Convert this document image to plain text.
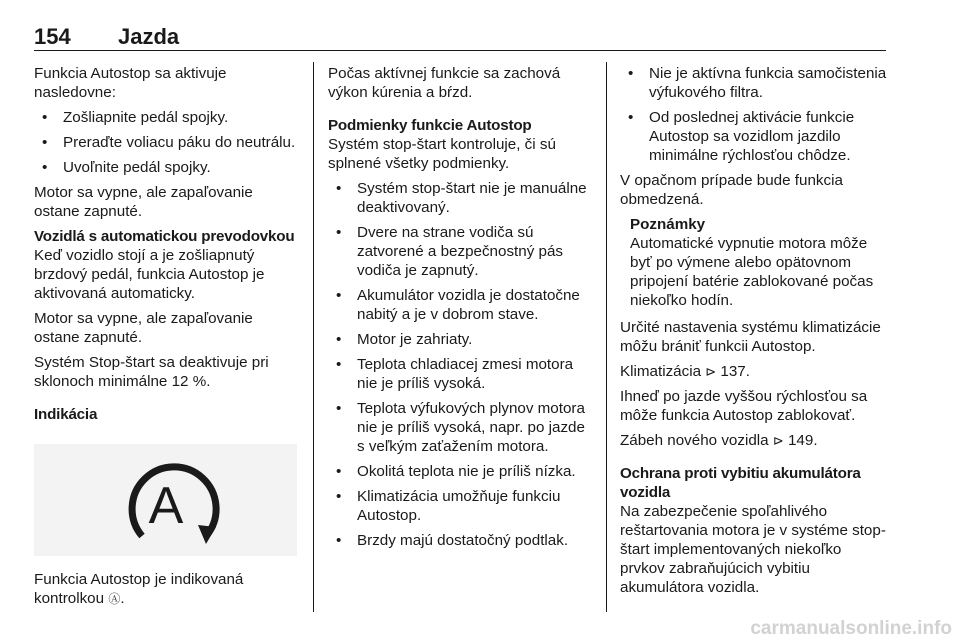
154 Jazda

Funkcia Autostop sa aktivuje nasledovne:

• Zošliapnite pedál spojky.
• Preraďte voliacu páku do neutrálu.
• Uvoľnite pedál spojky.

Motor sa vypne, ale zapaľovanie ostane zapnuté.

Vozidlá s automatickou prevodovkou

Keď vozidlo stojí a je zošliapnutý brzdový pedál, funkcia Autostop je aktivovaná automaticky.

Motor sa vypne, ale zapaľovanie ostane zapnuté.

Systém Stop-štart sa deaktivuje pri sklonoch minimálne 12 %.

Indikácia

A

Funkcia Autostop je indikovaná kontrolkou Ⓐ.

Počas aktívnej funkcie sa zachová výkon kúrenia a bŕzd.

Podmienky funkcie Autostop

Systém stop-štart kontroluje, či sú splnené všetky podmienky.

• Systém stop-štart nie je manuálne deaktivovaný.
• Dvere na strane vodiča sú zatvorené a bezpečnostný pás vodiča je zapnutý.
• Akumulátor vozidla je dostatočne nabitý a je v dobrom stave.
• Motor je zahriaty.
• Teplota chladiacej zmesi motora nie je príliš vysoká.
• Teplota výfukových plynov motora nie je príliš vysoká, napr. po jazde s veľkým zaťažením motora.
• Okolitá teplota nie je príliš nízka.
• Klimatizácia umožňuje funkciu Autostop.
• Brzdy majú dostatočný podtlak.
• Nie je aktívna funkcia samočistenia výfukového filtra.
• Od poslednej aktivácie funkcie Autostop sa vozidlom jazdilo minimálne rýchlosťou chôdze.

V opačnom prípade bude funkcia obmedzená.

Poznámky

Automatické vypnutie motora môže byť po výmene alebo opätovnom pripojení batérie zablokované počas niekoľko hodín.

Určité nastavenia systému klimatizácie môžu brániť funkcii Autostop.

Klimatizácia ⊳ 137.

Ihneď po jazde vyššou rýchlosťou sa môže funkcia Autostop zablokovať.

Zábeh nového vozidla ⊳ 149.

Ochrana proti vybitiu akumulátora vozidla

Na zabezpečenie spoľahlivého reštartovania motora je v systéme stop-štart implementovaných niekoľko prvkov zabraňujúcich vybitiu akumulátora vozidla.

carmanualsonline.info
